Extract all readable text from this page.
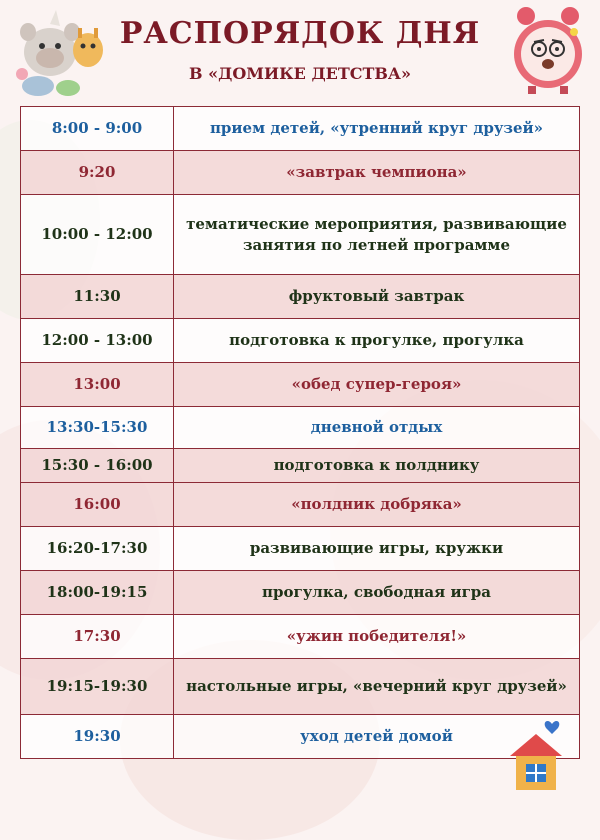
РАСПОРЯДОК ДНЯ
В «ДОМИКЕ ДЕТСТВА»
8:00 - 9:00	прием детей, «утренний круг друзей»
9:20	«завтрак чемпиона»
10:00 - 12:00	тематические мероприятия, развивающие занятия по летней программе
11:30	фруктовый завтрак
12:00 - 13:00	подготовка к прогулке, прогулка
13:00	«обед супер-героя»
13:30-15:30	дневной отдых
15:30 - 16:00	подготовка к полднику
16:00	«полдник добряка»
16:20-17:30	развивающие игры, кружки
18:00-19:15	прогулка, свободная игра
17:30	«ужин победителя!»
19:15-19:30	настольные игры, «вечерний круг друзей»
19:30	уход детей домой
